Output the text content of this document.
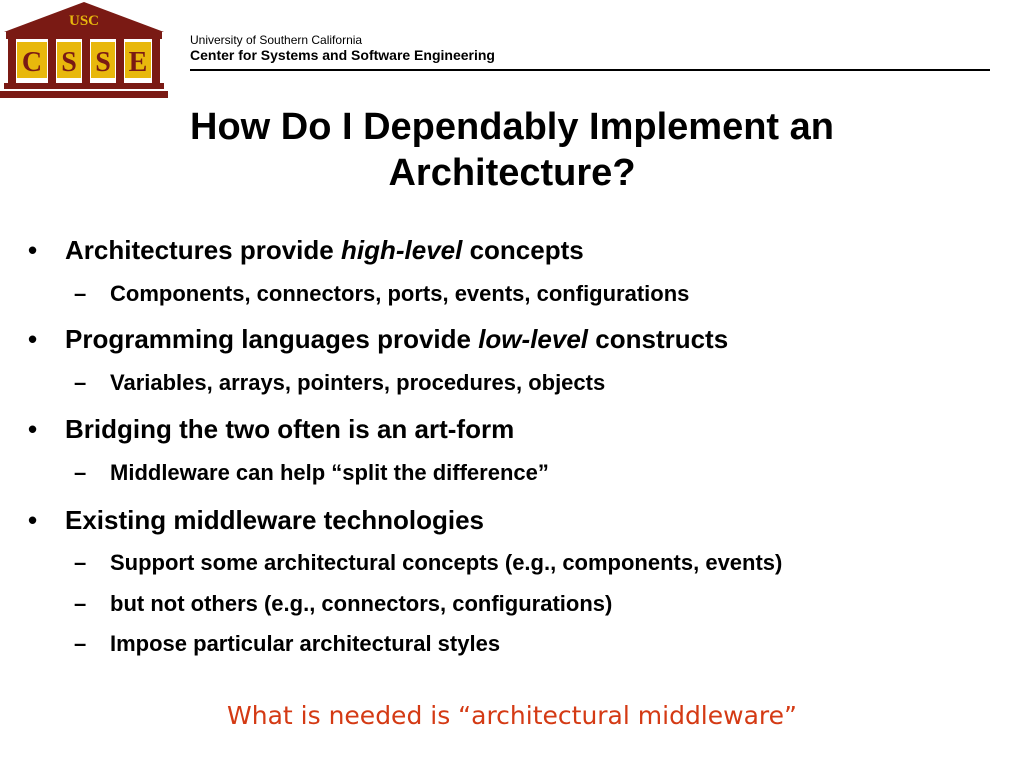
USC
C S S E
University of Southern California
Center for Systems and Software Engineering
How Do I Dependably Implement an
Architecture?
• Architectures provide high-level concepts
– Components, connectors, ports, events, configurations
• Programming languages provide low-level constructs
– Variables, arrays, pointers, procedures, objects
• Bridging the two often is an art-form
– Middleware can help “split the difference”
• Existing middleware technologies
– Support some architectural concepts (e.g., components, events)
– but not others (e.g., connectors, configurations)
– Impose particular architectural styles
What is needed is “architectural middleware”
